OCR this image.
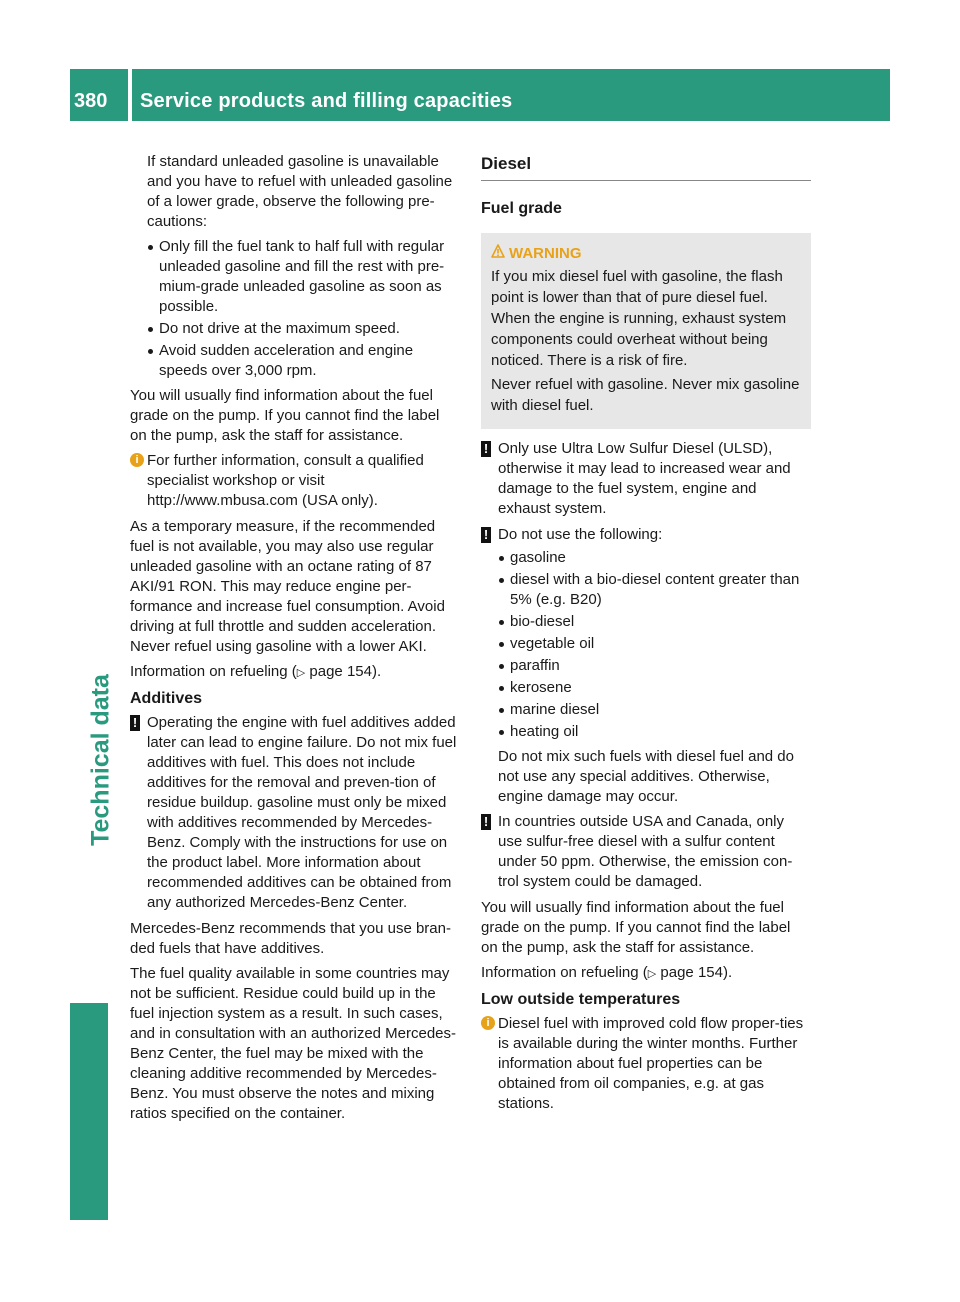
380	Service products and filling capacities
Technical data

If standard unleaded gasoline is unavailable and you have to refuel with unleaded gasoline of a lower grade, observe the following pre-cautions:

Only fill the fuel tank to half full with regular unleaded gasoline and fill the rest with pre-mium-grade unleaded gasoline as soon as possible.
Do not drive at the maximum speed.
Avoid sudden acceleration and engine speeds over 3,000 rpm.

You will usually find information about the fuel grade on the pump. If you cannot find the label on the pump, ask the staff for assistance.

i For further information, consult a qualified specialist workshop or visit http://www.mbusa.com (USA only).

As a temporary measure, if the recommended fuel is not available, you may also use regular unleaded gasoline with an octane rating of 87 AKI/91 RON. This may reduce engine per-formance and increase fuel consumption. Avoid driving at full throttle and sudden acceleration. Never refuel using gasoline with a lower AKI.

Information on refueling (▷ page 154).

Additives
! Operating the engine with fuel additives added later can lead to engine failure. Do not mix fuel additives with fuel. This does not include additives for the removal and preven-tion of residue buildup. gasoline must only be mixed with additives recommended by Mercedes-Benz. Comply with the instructions for use on the product label. More information about recommended additives can be obtained from any authorized Mercedes-Benz Center.

Mercedes-Benz recommends that you use bran-ded fuels that have additives.

The fuel quality available in some countries may not be sufficient. Residue could build up in the fuel injection system as a result. In such cases, and in consultation with an authorized Mercedes-Benz Center, the fuel may be mixed with the cleaning additive recommended by Mercedes-Benz. You must observe the notes and mixing ratios specified on the container.

Diesel
Fuel grade
WARNING

If you mix diesel fuel with gasoline, the flash point is lower than that of pure diesel fuel. When the engine is running, exhaust system components could overheat without being noticed. There is a risk of fire.

Never refuel with gasoline. Never mix gasoline with diesel fuel.

! Only use Ultra Low Sulfur Diesel (ULSD), otherwise it may lead to increased wear and damage to the fuel system, engine and exhaust system.
! Do not use the following:
gasoline
diesel with a bio-diesel content greater than 5% (e.g. B20)
bio-diesel
vegetable oil
paraffin
kerosene
marine diesel
heating oil

Do not mix such fuels with diesel fuel and do not use any special additives. Otherwise, engine damage may occur.

! In countries outside USA and Canada, only use sulfur-free diesel with a sulfur content under 50 ppm. Otherwise, the emission con-trol system could be damaged.

You will usually find information about the fuel grade on the pump. If you cannot find the label on the pump, ask the staff for assistance.

Information on refueling (▷ page 154).

Low outside temperatures
i Diesel fuel with improved cold flow proper-ties is available during the winter months. Further information about fuel properties can be obtained from oil companies, e.g. at gas stations.
